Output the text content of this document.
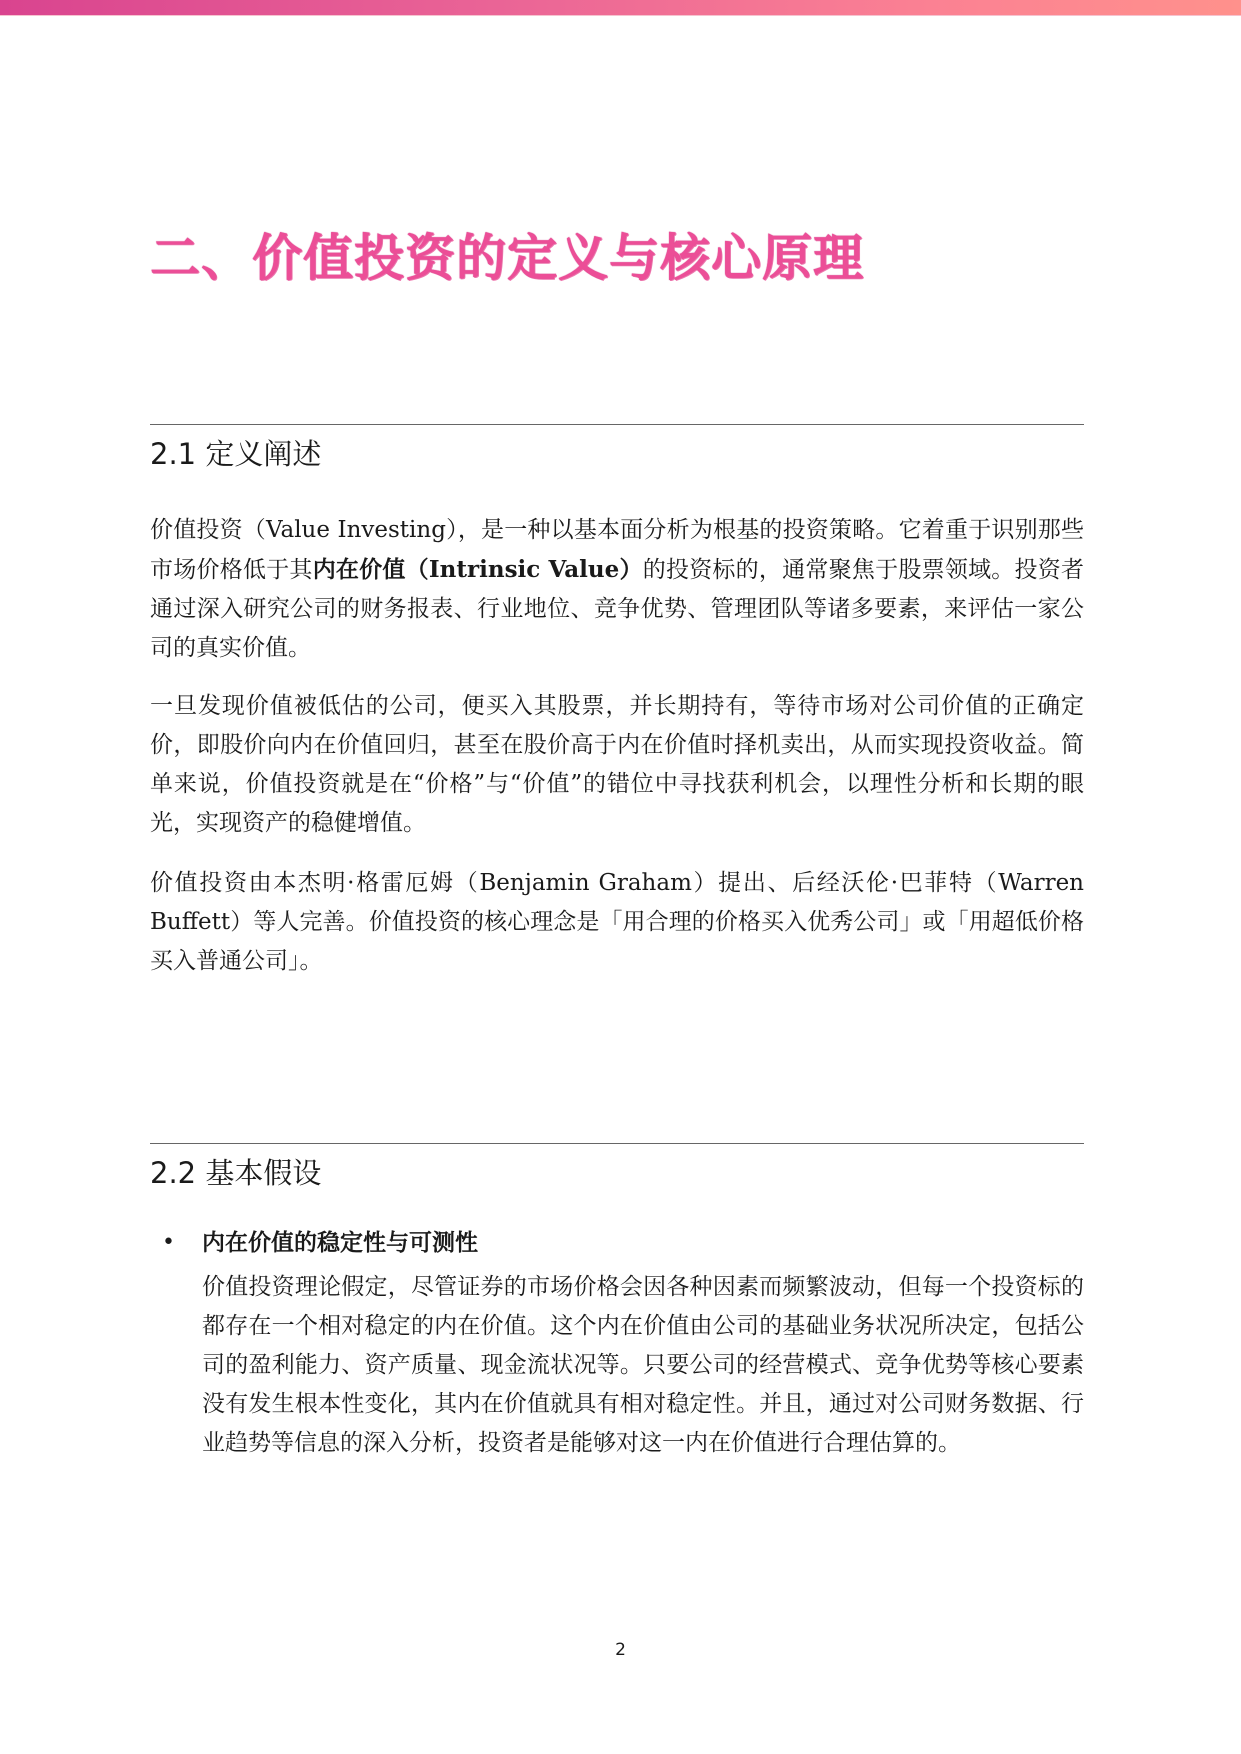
二、价值投资的定义与核心原理
2.1 定义阐述

价值投资（Value Investing），是一种以基本面分析为根基的投资策略。它着重于识别那些市场价格低于其内在价值（Intrinsic Value）的投资标的，通常聚焦于股票领域。投资者通过深入研究公司的财务报表、行业地位、竞争优势、管理团队等诸多要素，来评估一家公司的真实价值。

一旦发现价值被低估的公司，便买入其股票，并长期持有，等待市场对公司价值的正确定价，即股价向内在价值回归，甚至在股价高于内在价值时择机卖出，从而实现投资收益。简单来说，价值投资就是在“价格”与“价值”的错位中寻找获利机会，以理性分析和长期的眼光，实现资产的稳健增值。

价值投资由本杰明·格雷厄姆（Benjamin Graham）提出、后经沃伦·巴菲特（Warren Buffett）等人完善。价值投资的核心理念是「用合理的价格买入优秀公司」或「用超低价格买入普通公司」。

2.2 基本假设
• 内在价值的稳定性与可测性

价值投资理论假定，尽管证券的市场价格会因各种因素而频繁波动，但每一个投资标的都存在一个相对稳定的内在价值。这个内在价值由公司的基础业务状况所决定，包括公司的盈利能力、资产质量、现金流状况等。只要公司的经营模式、竞争优势等核心要素没有发生根本性变化，其内在价值就具有相对稳定性。并且，通过对公司财务数据、行业趋势等信息的深入分析，投资者是能够对这一内在价值进行合理估算的。

2
